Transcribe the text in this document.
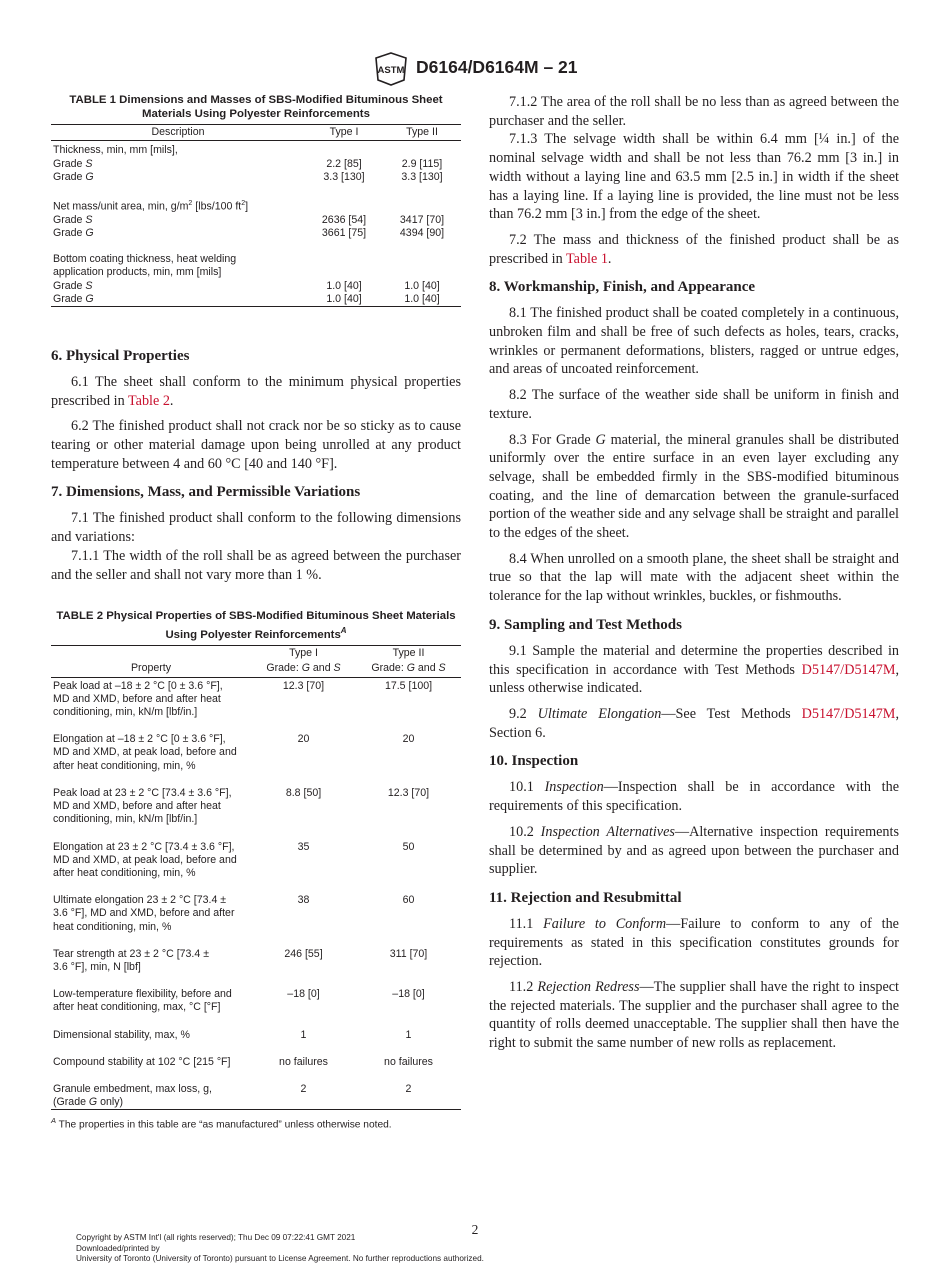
ASTM D6164/D6164M – 21
TABLE 1 Dimensions and Masses of SBS-Modified Bituminous Sheet Materials Using Polyester Reinforcements
Description	Type I	Type II

Thickness, min, mm [mils],		
Grade S	2.2 [85]	2.9 [115]
Grade G	3.3 [130]	3.3 [130]

Net mass/unit area, min, $g/m^2$ [lbs/100 $ft^2$]		
Grade S	2636 [54]	3417 [70]
Grade G	3661 [75]	4394 [90]

Bottom coating thickness, heat welding		
application products, min, mm [mils]		
Grade S	1.0 [40]	1.0 [40]
Grade G	1.0 [40]	1.0 [40]
6. Physical Properties

6.1 The sheet shall conform to the minimum physical properties prescribed in Table 2.

6.2 The finished product shall not crack nor be so sticky as to cause tearing or other material damage upon being unrolled at any product temperature between 4 and 60 °C [40 and 140 °F].

7. Dimensions, Mass, and Permissible Variations

7.1 The finished product shall conform to the following dimensions and variations:

7.1.1 The width of the roll shall be as agreed between the purchaser and the seller and shall not vary more than 1 %.

TABLE 2 Physical Properties of SBS-Modified Bituminous Sheet Materials Using Polyester Reinforcements$^A$
	Type I	Type II
Property	Grade: G and S	Grade: G and S

Peak load at –18 ± 2 °C [0 ± 3.6 °F],
MD and XMD, before and after heat
conditioning, min, kN/m [lbf/in.]	12.3 [70]	17.5 [100]

Elongation at –18 ± 2 °C [0 ± 3.6 °F],
MD and XMD, at peak load, before and
after heat conditioning, min, %	20	20

Peak load at 23 ± 2 °C [73.4 ± 3.6 °F],
MD and XMD, before and after heat
conditioning, min, kN/m [lbf/in.]	8.8 [50]	12.3 [70]

Elongation at 23 ± 2 °C [73.4 ± 3.6 °F],
MD and XMD, at peak load, before and
after heat conditioning, min, %	35	50

Ultimate elongation 23 ± 2 °C [73.4 ±
3.6 °F], MD and XMD, before and after
heat conditioning, min, %	38	60

Tear strength at 23 ± 2 °C [73.4 ±
3.6 °F], min, N [lbf]	246 [55]	311 [70]

Low-temperature flexibility, before and
after heat conditioning, max, °C [°F]	–18 [0]	–18 [0]

Dimensional stability, max, %	1	1

Compound stability at 102 °C [215 °F]	no failures	no failures

Granule embedment, max loss, g,
(Grade G only)	2	2
$^A$ The properties in this table are “as manufactured” unless otherwise noted.

7.1.2 The area of the roll shall be no less than as agreed between the purchaser and the seller.

7.1.3 The selvage width shall be within 6.4 mm [¼ in.] of the nominal selvage width and shall be not less than 76.2 mm [3 in.] in width without a laying line and 63.5 mm [2.5 in.] in width if the sheet has a laying line. If a laying line is provided, the line must not be less than 76.2 mm [3 in.] from the edge of the sheet.

7.2 The mass and thickness of the finished product shall be as prescribed in Table 1.

8. Workmanship, Finish, and Appearance

8.1 The finished product shall be coated completely in a continuous, unbroken film and shall be free of such defects as holes, tears, cracks, wrinkles or permanent deformations, blisters, ragged or untrue edges, and areas of uncoated reinforcement.

8.2 The surface of the weather side shall be uniform in finish and texture.

8.3 For Grade G material, the mineral granules shall be distributed uniformly over the entire surface in an even layer excluding any selvage, shall be embedded firmly in the SBS-modified bituminous coating, and the line of demarcation between the granule-surfaced portion of the weather side and any selvage shall be straight and parallel to the edges of the sheet.

8.4 When unrolled on a smooth plane, the sheet shall be straight and true so that the lap will mate with the adjacent sheet within the tolerance for the lap without wrinkles, buckles, or fishmouths.

9. Sampling and Test Methods

9.1 Sample the material and determine the properties described in this specification in accordance with Test Methods D5147/D5147M, unless otherwise indicated.

9.2 Ultimate Elongation—See Test Methods D5147/D5147M, Section 6.

10. Inspection

10.1 Inspection—Inspection shall be in accordance with the requirements of this specification.

10.2 Inspection Alternatives—Alternative inspection requirements shall be determined by and as agreed upon between the purchaser and supplier.

11. Rejection and Resubmittal

11.1 Failure to Conform—Failure to conform to any of the requirements as stated in this specification constitutes grounds for rejection.

11.2 Rejection Redress—The supplier shall have the right to inspect the rejected materials. The supplier and the purchaser shall agree to the quantity of rolls deemed unacceptable. The supplier shall then have the right to submit the same number of new rolls as replacement.

2
Copyright by ASTM Int'l (all rights reserved); Thu Dec 09 07:22:41 GMT 2021
Downloaded/printed by
University of Toronto (University of Toronto) pursuant to License Agreement. No further reproductions authorized.
